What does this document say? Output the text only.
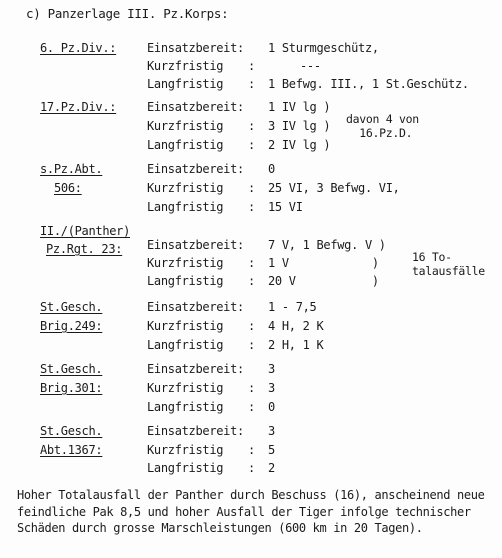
c) Panzerlage III. Pz.Korps:
6. Pz.Div.:	Einsatzbereit: 1 Sturmgeschütz,
Kurzfristig :	---
Langfristig : 1 Befwg. III., 1 St.Geschütz.
17.Pz.Div.:	Einsatzbereit: 1 IV lg )
Kurzfristig : 3 IV lg )
Langfristig : 2 IV lg )
davon 4 von
16.Pz.D.
s.Pz.Abt.
506:
Einsatzbereit: 0
Kurzfristig : 25 VI, 3 Befwg. VI,
Langfristig : 15 VI
II./(Panther)
Pz.Rgt. 23: Einsatzbereit: 7 V, 1 Befwg. V )
Kurzfristig : 1 V            )
Langfristig : 20 V           )
16 To-
talausfälle
St.Gesch.
Brig.249:
Einsatzbereit: 1 - 7,5
Kurzfristig : 4 H, 2 K
Langfristig : 2 H, 1 K
St.Gesch.
Brig.301:
Einsatzbereit: 3
Kurzfristig : 3
Langfristig : 0
St.Gesch.
Abt.1367:
Einsatzbereit: 3
Kurzfristig : 5
Langfristig : 2
Hoher Totalausfall der Panther durch Beschuss (16), anscheinend neue feindliche Pak 8,5 und hoher Ausfall der Tiger infolge technischer Schäden durch grosse Marschleistungen (600 km in 20 Tagen).
